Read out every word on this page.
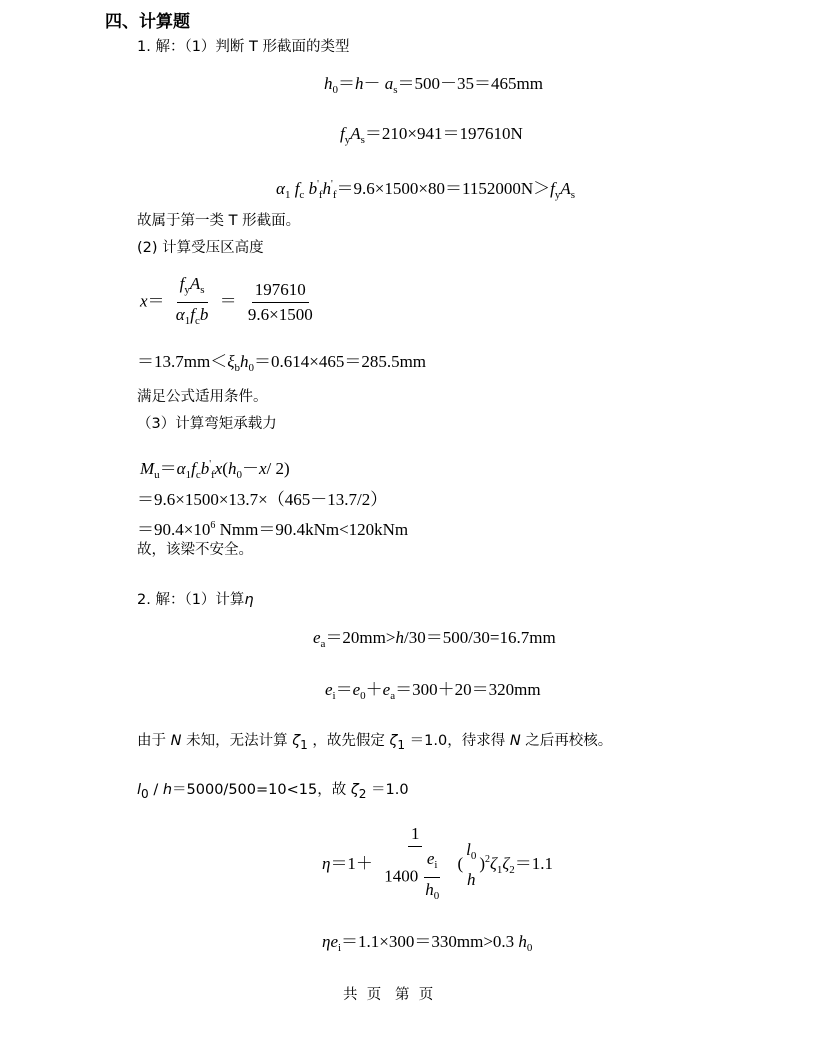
四、计算题
1. 解：（1）判断 T 形截面的类型
$h_0=h- a_s=500-35=465mm$
$f_yA_s=210\times 941=197610N$
$\alpha_1$ $f_c$ $b'_fh'_f=9.6\times 1500\times 80=1152000N>f_yA_s$
故属于第一类 T 形截面。
(2) 计算受压区高度
$x= \frac{f_yA_s}{\alpha_1f_cb} = \frac{197610}{9.6\times 1500}$
$=13.7mm<\xi_bh_0=0.614\times 465=285.5mm$
满足公式适用条件。
（3）计算弯矩承载力
$M_u=\alpha_1f_cb'_fx(h_0-x/$ 2)
＝9.6×1500×13.7×（465－13.7/2）
$=90.4\times 10^6$ Nmm＝90.4kNm<120kNm
故，该梁不安全。
2. 解：（1）计算η
$e_a=20mm>h/30=500/30=16.7mm$
$e_i=e_0+e_a=300+20=320mm$
由于 N 未知，无法计算 $\zeta_1$ ，故先假定 $\zeta_1 =1.0$，待求得 N 之后再校核。
$l_0 / h=5000/500=10<15$，故 $\zeta_2 =1.0$
$\eta=1+ \frac{1}{1400 \frac{e_i}{h_0}}$ (
$l_0$
h
)$^2\zeta_1\zeta_2=1.1$
$\eta e_i=1.1\times 300=330mm>0.3$ $h_0$
共  页   第  页
